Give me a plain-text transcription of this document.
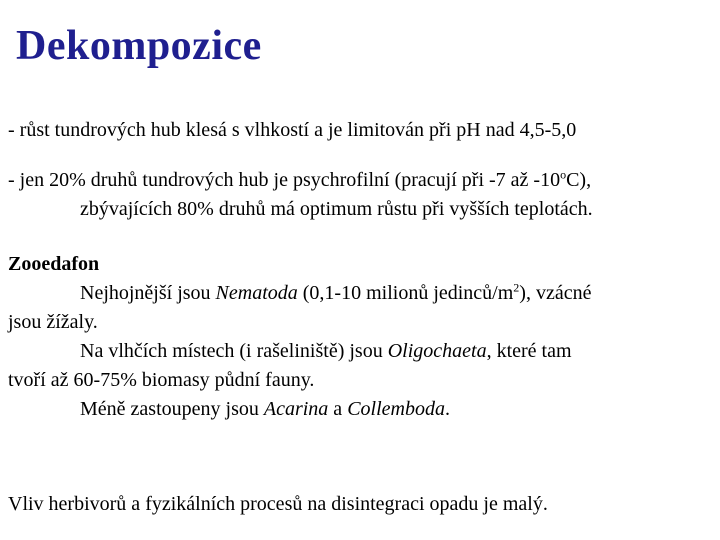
Dekompozice
- růst tundrových hub klesá s vlhkostí a je limitován při pH nad 4,5-5,0
- jen 20% druhů tundrových hub je psychrofilní (pracují při -7 až -10$^o$C),
zbývajících 80% druhů má optimum růstu při vyšších teplotách.
Zooedafon

Nejhojnější jsou Nematoda (0,1-10 milionů jedinců/$m^2$), vzácné
jsou žížaly.

Na vlhčích místech (i rašeliniště) jsou Oligochaeta, které tam
tvoří až 60-75% biomasy půdní fauny.

Méně zastoupeny jsou Acarina a Collemboda.
Vliv herbivorů a fyzikálních procesů na disintegraci opadu je malý.
